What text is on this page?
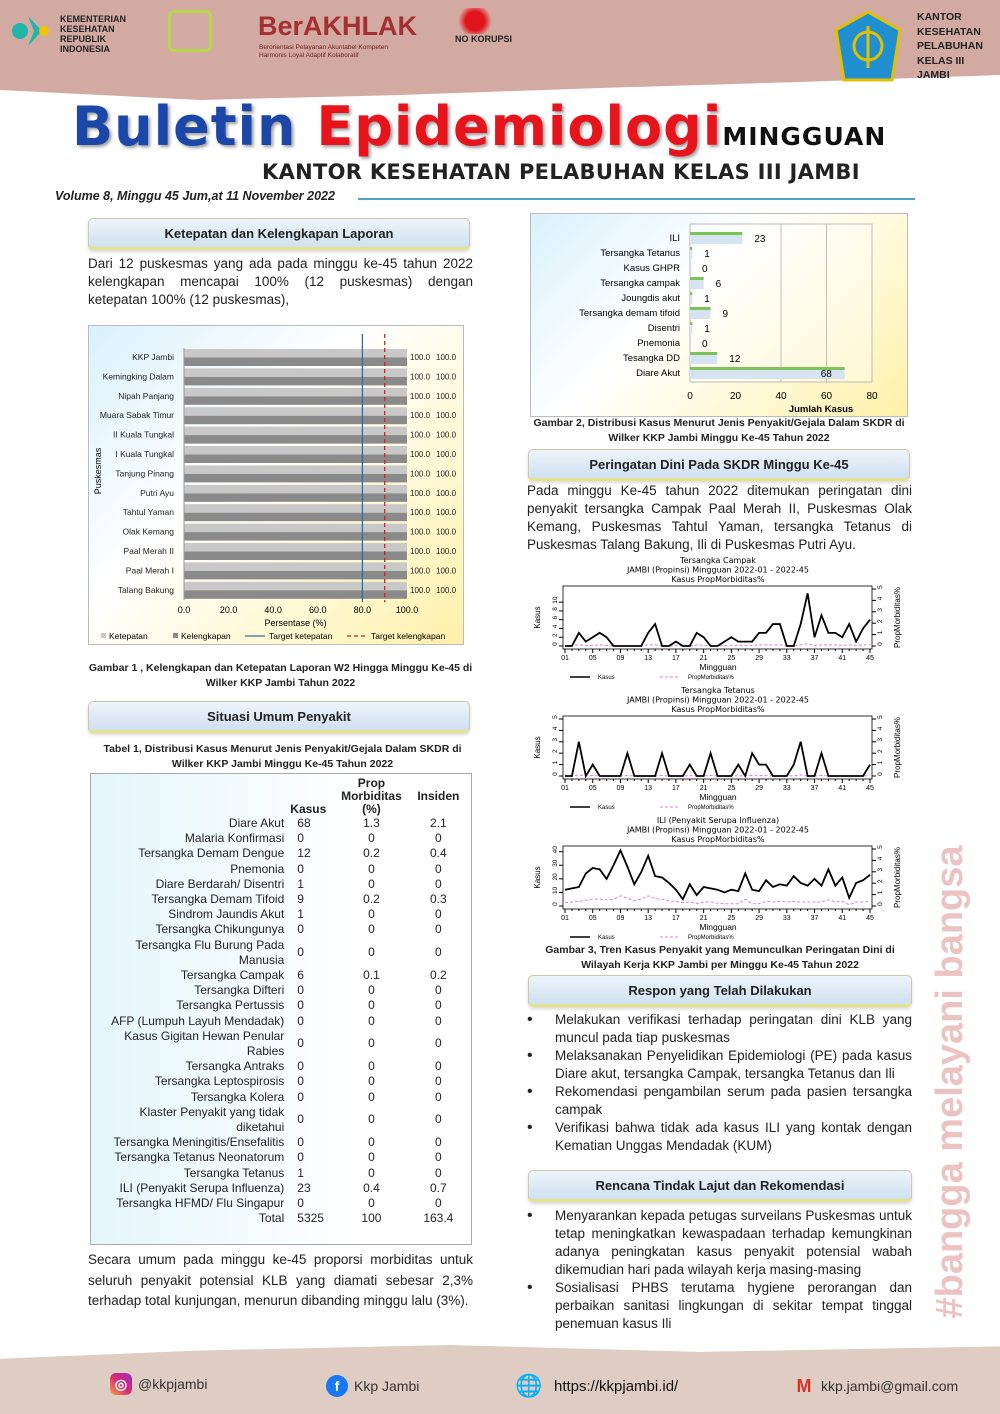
KEMENTERIAN KESEHATAN REPUBLIK INDONESIA
BerAKHLAK
Berorientasi Pelayanan Akuntabel Kompeten
Harmonis Loyal Adaptif Kolaboratif
NO KORUPSI
KANTOR
KESEHATAN
PELABUHAN
KELAS III
JAMBI
Buletin EpidemiologiMINGGUAN
KANTOR KESEHATAN PELABUHAN KELAS III JAMBI
Volume 8, Minggu 45 Jum,at 11 November 2022
Ketepatan dan Kelengkapan Laporan
Dari 12 puskesmas yang ada pada minggu ke-45 tahun 2022 kelengkapan mencapai 100% (12 puskesmas) dengan ketepatan 100% (12 puskesmas),
KKP Jambi	100.0 100.0
Kemingking Dalam	100.0 100.0
Nipah Panjang	100.0 100.0
Muara Sabak Timur	100.0 100.0
II Kuala Tungkal	100.0 100.0
I Kuala Tungkal	100.0 100.0
Tanjung Pinang	100.0 100.0
Putri Ayu	100.0 100.0
Tahtul Yaman	100.0 100.0
Olak Kemang	100.0 100.0
Paal Merah II	100.0 100.0
Paal Merah I	100.0 100.0
Talang Bakung	100.0 100.0
0.0	20.0	40.0	60.0	80.0	100.0
Persentase (%)
Puskesmas
Ketepatan	Kelengkapan	Target ketepatan	Target kelengkapan
Gambar 1 , Kelengkapan dan Ketepatan Laporan W2 Hingga Minggu Ke-45 di Wilker KKP Jambi Tahun 2022
Situasi Umum Penyakit
Tabel 1, Distribusi Kasus Menurut Jenis Penyakit/Gejala Dalam SKDR di Wilker KKP Jambi Minggu Ke-45 Tahun 2022
	Kasus	Prop Morbiditas (%)	Insiden
Diare Akut	68	1.3	2.1
Malaria Konfirmasi	0	0	0
Tersangka Demam Dengue	12	0.2	0.4
Pnemonia	0	0	0
Diare Berdarah/ Disentri	1	0	0
Tersangka Demam Tifoid	9	0.2	0.3
Sindrom Jaundis Akut	1	0	0
Tersangka Chikungunya	0	0	0
Tersangka Flu Burung Pada Manusia	0	0	0
Tersangka Campak	6	0.1	0.2
Tersangka Difteri	0	0	0
Tersangka Pertussis	0	0	0
AFP (Lumpuh Layuh Mendadak)	0	0	0
Kasus Gigitan Hewan Penular Rabies	0	0	0
Tersangka Antraks	0	0	0
Tersangka Leptospirosis	0	0	0
Tersangka Kolera	0	0	0
Klaster Penyakit yang tidak diketahui	0	0	0
Tersangka Meningitis/Ensefalitis	0	0	0
Tersangka Tetanus Neonatorum	0	0	0
Tersangka Tetanus	1	0	0
ILI (Penyakit Serupa Influenza)	23	0.4	0.7
Tersangka HFMD/ Flu Singapur	0	0	0
Total	5325	100	163.4
Secara umum pada minggu ke-45 proporsi morbiditas untuk seluruh penyakit potensial KLB yang diamati sebesar 2,3% terhadap total kunjungan, menurun dibanding minggu lalu (3%).
ILI	23
Tersangka Tetanus 1
Kasus GHPR 0
Tersangka campak	6
Joungdis akut 1
Tersangka demam tifoid	9
Disentri 1
Pnemonia 0
Tesangka DD	12
Diare Akut	68
0	20	40	60	80
Jumlah Kasus
Gambar 2, Distribusi Kasus Menurut Jenis Penyakit/Gejala Dalam SKDR di Wilker KKP Jambi Minggu Ke-45 Tahun 2022
Peringatan Dini Pada SKDR Minggu Ke-45
Pada minggu Ke-45 tahun 2022 ditemukan peringatan dini penyakit tersangka Campak Paal Merah II, Puskesmas Olak Kemang, Puskesmas Tahtul Yaman, tersangka Tetanus di Puskesmas Talang Bakung, Ili di Puskesmas Putri Ayu.
Tersangka Campak
JAMBI (Propinsi) Mingguan 2022-01 - 2022-45
Kasus PropMorbiditas%
0
2
4
6
8
10
0
1
2
3
4
5
Kasus	PropMorbiditas%
01	05	09	13	17	21	25	29	33	37	41	45
Mingguan
Kasus	PropMorbiditas%
Tersangka Tetanus
JAMBI (Propinsi) Mingguan 2022-01 - 2022-45
Kasus PropMorbiditas%
0
1
2
3
4
5
0
1
2
3
4
5
Kasus	PropMorbiditas%
01	05	09	13	17	21	25	29	33	37	41	45
Mingguan
Kasus	PropMorbiditas%
ILI (Penyakit Serupa Influenza)
JAMBI (Propinsi) Mingguan 2022-01 - 2022-45
Kasus PropMorbiditas%
0
10
20
30
40
0
1
2
3
4
5
Kasus	PropMorbiditas%
01	05	09	13	17	21	25	29	33	37	41	45
Mingguan
Kasus	PropMorbiditas%
Gambar 3, Tren Kasus Penyakit yang Memunculkan Peringatan Dini di Wilayah Kerja KKP Jambi per Minggu Ke-45 Tahun 2022
Respon yang Telah Dilakukan
• Melakukan verifikasi terhadap peringatan dini KLB yang muncul pada tiap puskesmas
• Melaksanakan Penyelidikan Epidemiologi (PE) pada kasus Diare akut, tersangka Campak, tersangka Tetanus dan Ili
• Rekomendasi pengambilan serum pada pasien tersangka campak
• Verifikasi bahwa tidak ada kasus ILI yang kontak dengan Kematian Unggas Mendadak (KUM)
Rencana Tindak Lajut dan Rekomendasi
• Menyarankan kepada petugas surveilans Puskesmas untuk tetap meningkatkan kewaspadaan terhadap kemungkinan adanya peningkatan kasus penyakit potensial wabah dikemudian hari pada wilayah kerja masing-masing
• Sosialisasi PHBS terutama hygiene perorangan dan perbaikan sanitasi lingkungan di sekitar tempat tinggal penemuan kasus Ili
#bangga melayani bangsa
◎ @kkpjambi	f	Kkp Jambi	🌐 https://kkpjambi.id/	M kkp.jambi@gmail.com
